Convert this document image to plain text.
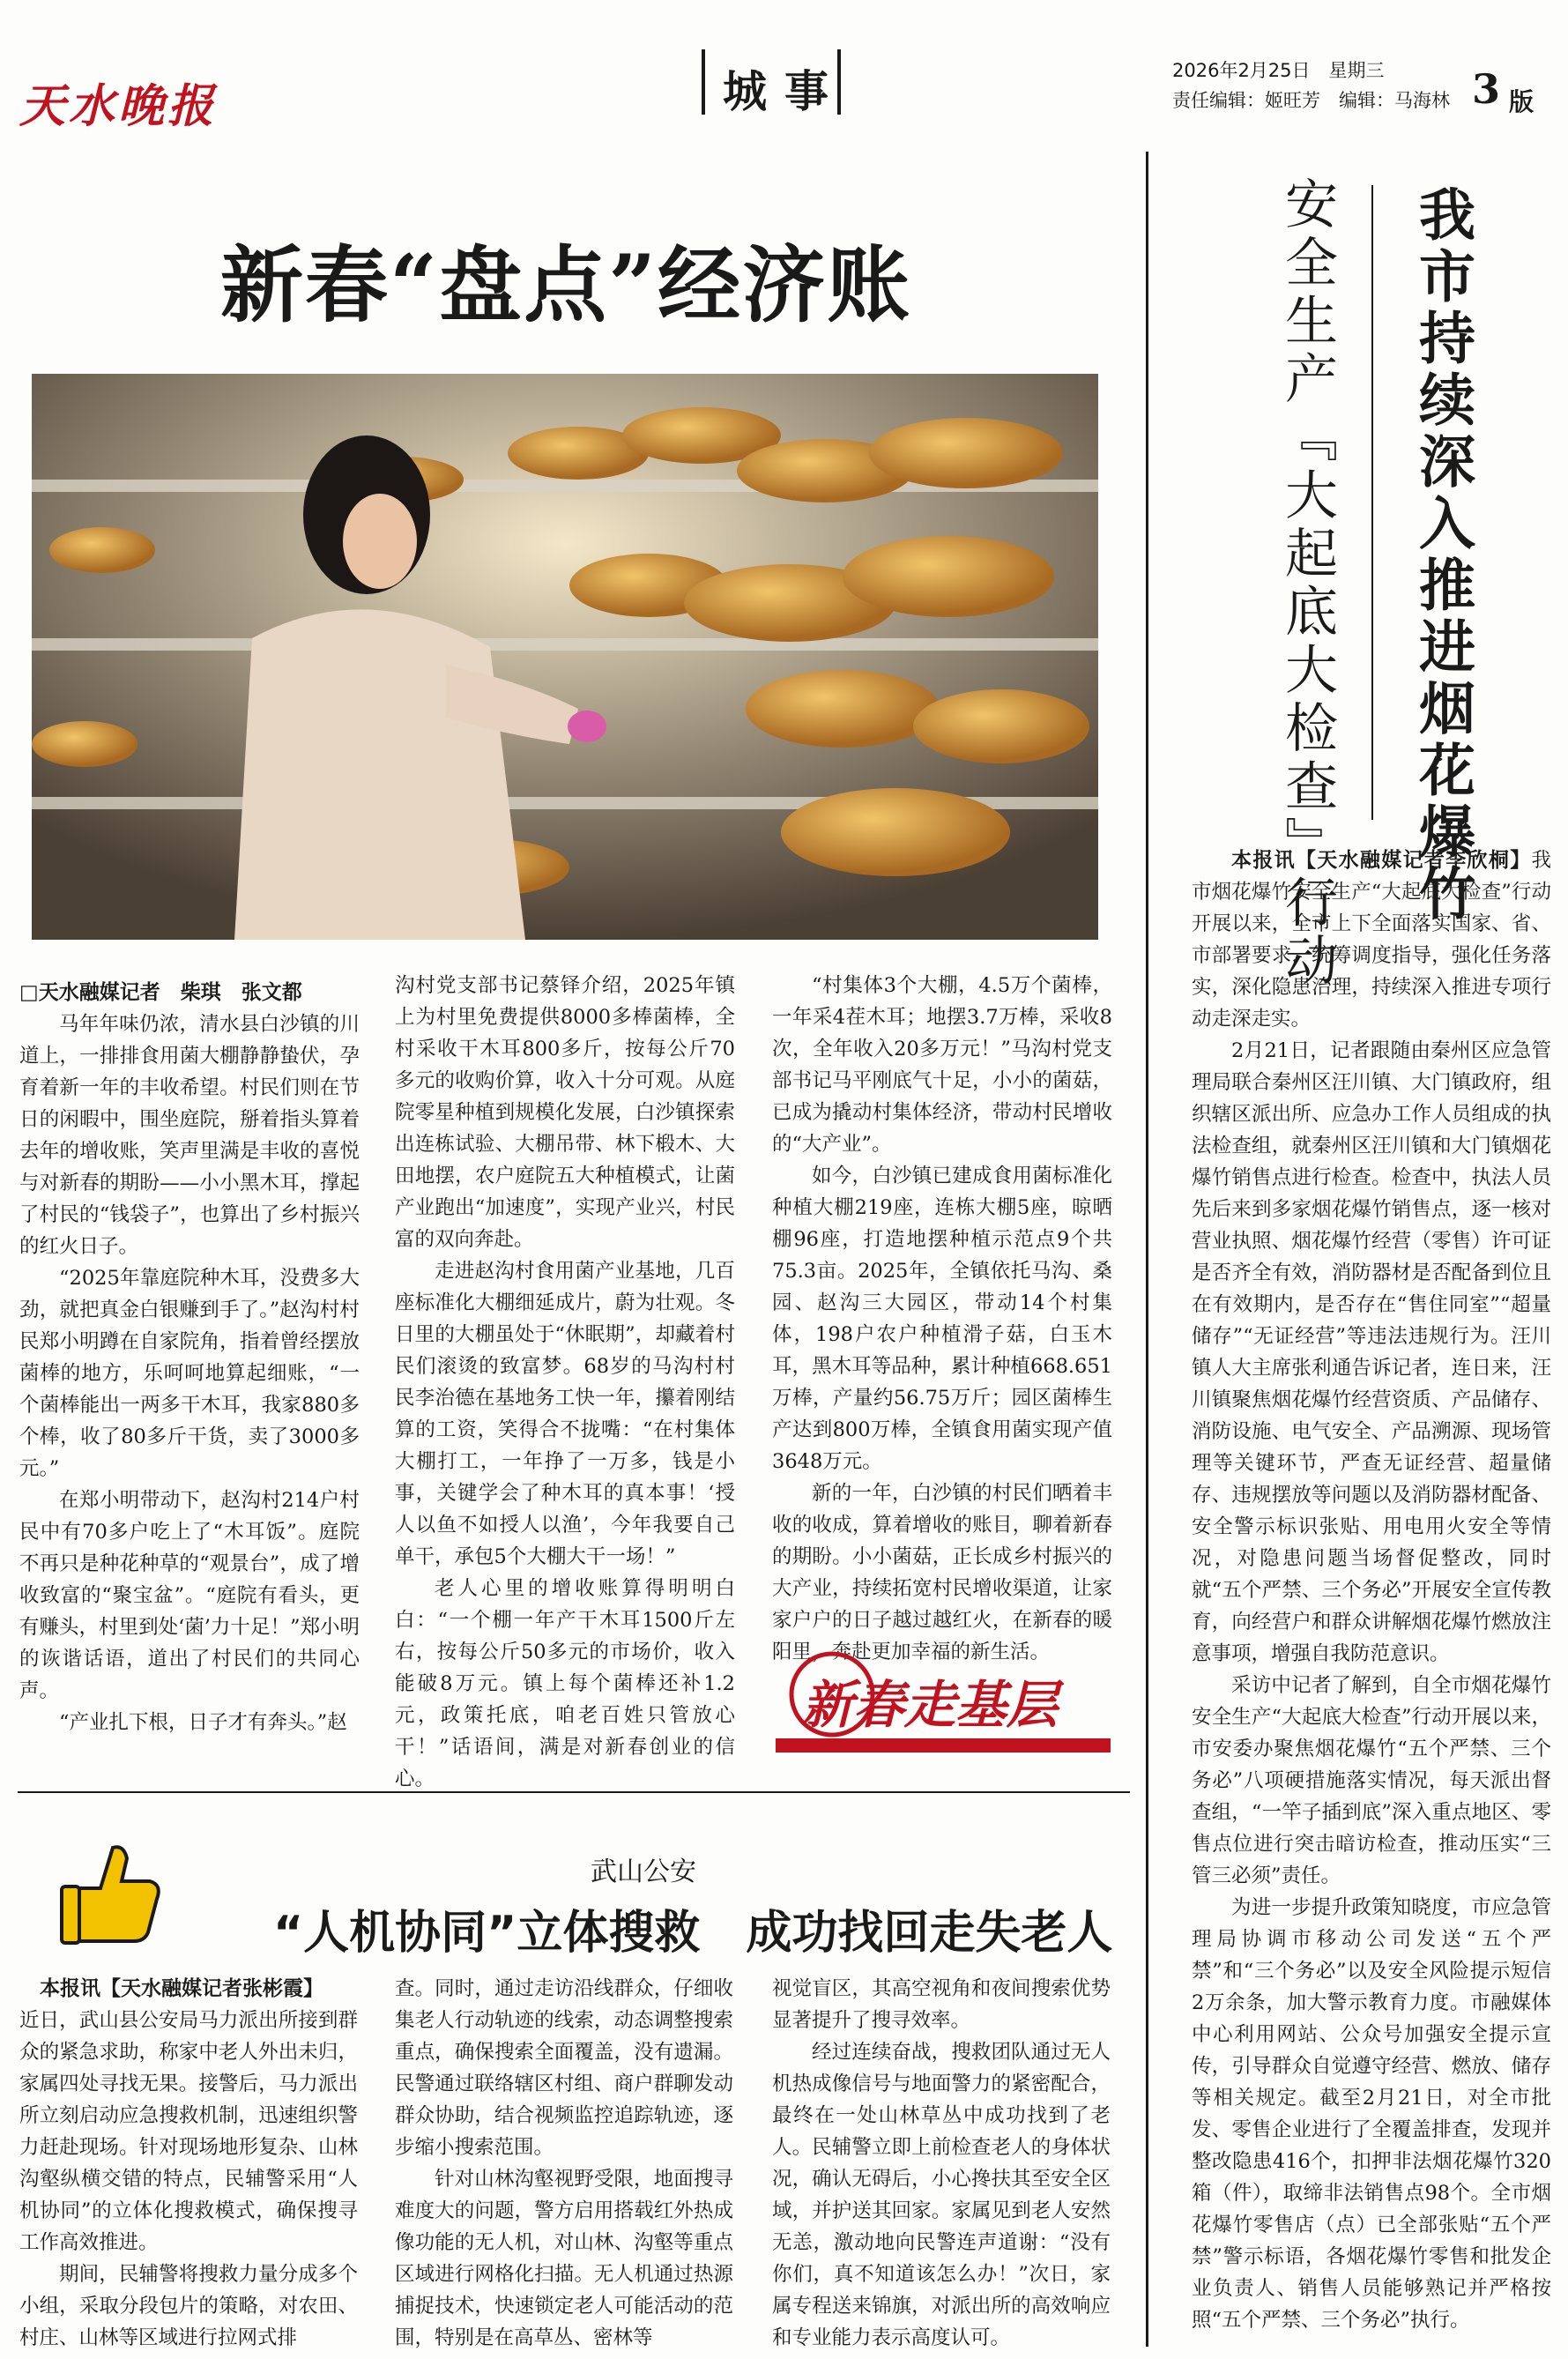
天水晚报	城事	2026年2月25日　星期三
责任编辑：姬旺芳　编辑：马海林 3 版
新春“盘点”经济账

□天水融媒记者　柴琪　张文都

马年年味仍浓，清水县白沙镇的川道上，一排排食用菌大棚静静蛰伏，孕育着新一年的丰收希望。村民们则在节日的闲暇中，围坐庭院，掰着指头算着去年的增收账，笑声里满是丰收的喜悦与对新春的期盼——小小黑木耳，撑起了村民的“钱袋子”，也算出了乡村振兴的红火日子。

“2025年靠庭院种木耳，没费多大劲，就把真金白银赚到手了。”赵沟村村民郑小明蹲在自家院角，指着曾经摆放菌棒的地方，乐呵呵地算起细账，“一个菌棒能出一两多干木耳，我家880多个棒，收了80多斤干货，卖了3000多元。”

在郑小明带动下，赵沟村214户村民中有70多户吃上了“木耳饭”。庭院不再只是种花种草的“观景台”，成了增收致富的“聚宝盆”。“庭院有看头，更有赚头，村里到处‘菌’力十足！”郑小明的诙谐话语，道出了村民们的共同心声。

“产业扎下根，日子才有奔头。”赵

沟村党支部书记蔡铎介绍，2025年镇上为村里免费提供8000多棒菌棒，全村采收干木耳800多斤，按每公斤70多元的收购价算，收入十分可观。从庭院零星种植到规模化发展，白沙镇探索出连栋试验、大棚吊带、林下椴木、大田地摆，农户庭院五大种植模式，让菌产业跑出“加速度”，实现产业兴，村民富的双向奔赴。

走进赵沟村食用菌产业基地，几百座标准化大棚细延成片，蔚为壮观。冬日里的大棚虽处于“休眠期”，却藏着村民们滚烫的致富梦。68岁的马沟村村民李治德在基地务工快一年，攥着刚结算的工资，笑得合不拢嘴：“在村集体大棚打工，一年挣了一万多，钱是小事，关键学会了种木耳的真本事！‘授人以鱼不如授人以渔’，今年我要自己单干，承包5个大棚大干一场！”

老人心里的增收账算得明明白白：“一个棚一年产干木耳1500斤左右，按每公斤50多元的市场价，收入能破8万元。镇上每个菌棒还补1.2元，政策托底，咱老百姓只管放心干！”话语间，满是对新春创业的信心。

“村集体3个大棚，4.5万个菌棒，一年采4茬木耳；地摆3.7万棒，采收8次，全年收入20多万元！”马沟村党支部书记马平刚底气十足，小小的菌菇，已成为撬动村集体经济，带动村民增收的“大产业”。

如今，白沙镇已建成食用菌标准化种植大棚219座，连栋大棚5座，晾晒棚96座，打造地摆种植示范点9个共75.3亩。2025年，全镇依托马沟、桑园、赵沟三大园区，带动14个村集体，198户农户种植滑子菇，白玉木耳，黑木耳等品种，累计种植668.651万棒，产量约56.75万斤；园区菌棒生产达到800万棒，全镇食用菌实现产值3648万元。

新的一年，白沙镇的村民们晒着丰收的收成，算着增收的账目，聊着新春的期盼。小小菌菇，正长成乡村振兴的大产业，持续拓宽村民增收渠道，让家家户户的日子越过越红火，在新春的暖阳里，奔赴更加幸福的新生活。

新春走基层
我市持续深入推进烟花爆竹
安全生产『大起底大检查』行动

本报讯【天水融媒记者李欣桐】我市烟花爆竹安全生产“大起底大检查”行动开展以来，全市上下全面落实国家、省、市部署要求，统筹调度指导，强化任务落实，深化隐患治理，持续深入推进专项行动走深走实。

2月21日，记者跟随由秦州区应急管理局联合秦州区汪川镇、大门镇政府，组织辖区派出所、应急办工作人员组成的执法检查组，就秦州区汪川镇和大门镇烟花爆竹销售点进行检查。检查中，执法人员先后来到多家烟花爆竹销售点，逐一核对营业执照、烟花爆竹经营（零售）许可证是否齐全有效，消防器材是否配备到位且在有效期内，是否存在“售住同室”“超量储存”“无证经营”等违法违规行为。汪川镇人大主席张利通告诉记者，连日来，汪川镇聚焦烟花爆竹经营资质、产品储存、消防设施、电气安全、产品溯源、现场管理等关键环节，严查无证经营、超量储存、违规摆放等问题以及消防器材配备、安全警示标识张贴、用电用火安全等情况，对隐患问题当场督促整改，同时就“五个严禁、三个务必”开展安全宣传教育，向经营户和群众讲解烟花爆竹燃放注意事项，增强自我防范意识。

采访中记者了解到，自全市烟花爆竹安全生产“大起底大检查”行动开展以来，市安委办聚焦烟花爆竹“五个严禁、三个务必”八项硬措施落实情况，每天派出督查组，“一竿子插到底”深入重点地区、零售点位进行突击暗访检查，推动压实“三管三必须”责任。

为进一步提升政策知晓度，市应急管理局协调市移动公司发送“五个严禁”和“三个务必”以及安全风险提示短信2万余条，加大警示教育力度。市融媒体中心利用网站、公众号加强安全提示宣传，引导群众自觉遵守经营、燃放、储存等相关规定。截至2月21日，对全市批发、零售企业进行了全覆盖排查，发现并整改隐患416个，扣押非法烟花爆竹320箱（件），取缔非法销售点98个。全市烟花爆竹零售店（点）已全部张贴“五个严禁”警示标语，各烟花爆竹零售和批发企业负责人、销售人员能够熟记并严格按照“五个严禁、三个务必”执行。

武山公安
“人机协同”立体搜救　成功找回走失老人

本报讯【天水融媒记者张彬霞】

近日，武山县公安局马力派出所接到群众的紧急求助，称家中老人外出未归，家属四处寻找无果。接警后，马力派出所立刻启动应急搜救机制，迅速组织警力赶赴现场。针对现场地形复杂、山林沟壑纵横交错的特点，民辅警采用“人机协同”的立体化搜救模式，确保搜寻工作高效推进。

期间，民辅警将搜救力量分成多个小组，采取分段包片的策略，对农田、村庄、山林等区域进行拉网式排

查。同时，通过走访沿线群众，仔细收集老人行动轨迹的线索，动态调整搜索重点，确保搜索全面覆盖，没有遗漏。民警通过联络辖区村组、商户群聊发动群众协助，结合视频监控追踪轨迹，逐步缩小搜索范围。

针对山林沟壑视野受限，地面搜寻难度大的问题，警方启用搭载红外热成像功能的无人机，对山林、沟壑等重点区域进行网格化扫描。无人机通过热源捕捉技术，快速锁定老人可能活动的范围，特别是在高草丛、密林等

视觉盲区，其高空视角和夜间搜索优势显著提升了搜寻效率。

经过连续奋战，搜救团队通过无人机热成像信号与地面警力的紧密配合，最终在一处山林草丛中成功找到了老人。民辅警立即上前检查老人的身体状况，确认无碍后，小心搀扶其至安全区域，并护送其回家。家属见到老人安然无恙，激动地向民警连声道谢：“没有你们，真不知道该怎么办！”次日，家属专程送来锦旗，对派出所的高效响应和专业能力表示高度认可。
